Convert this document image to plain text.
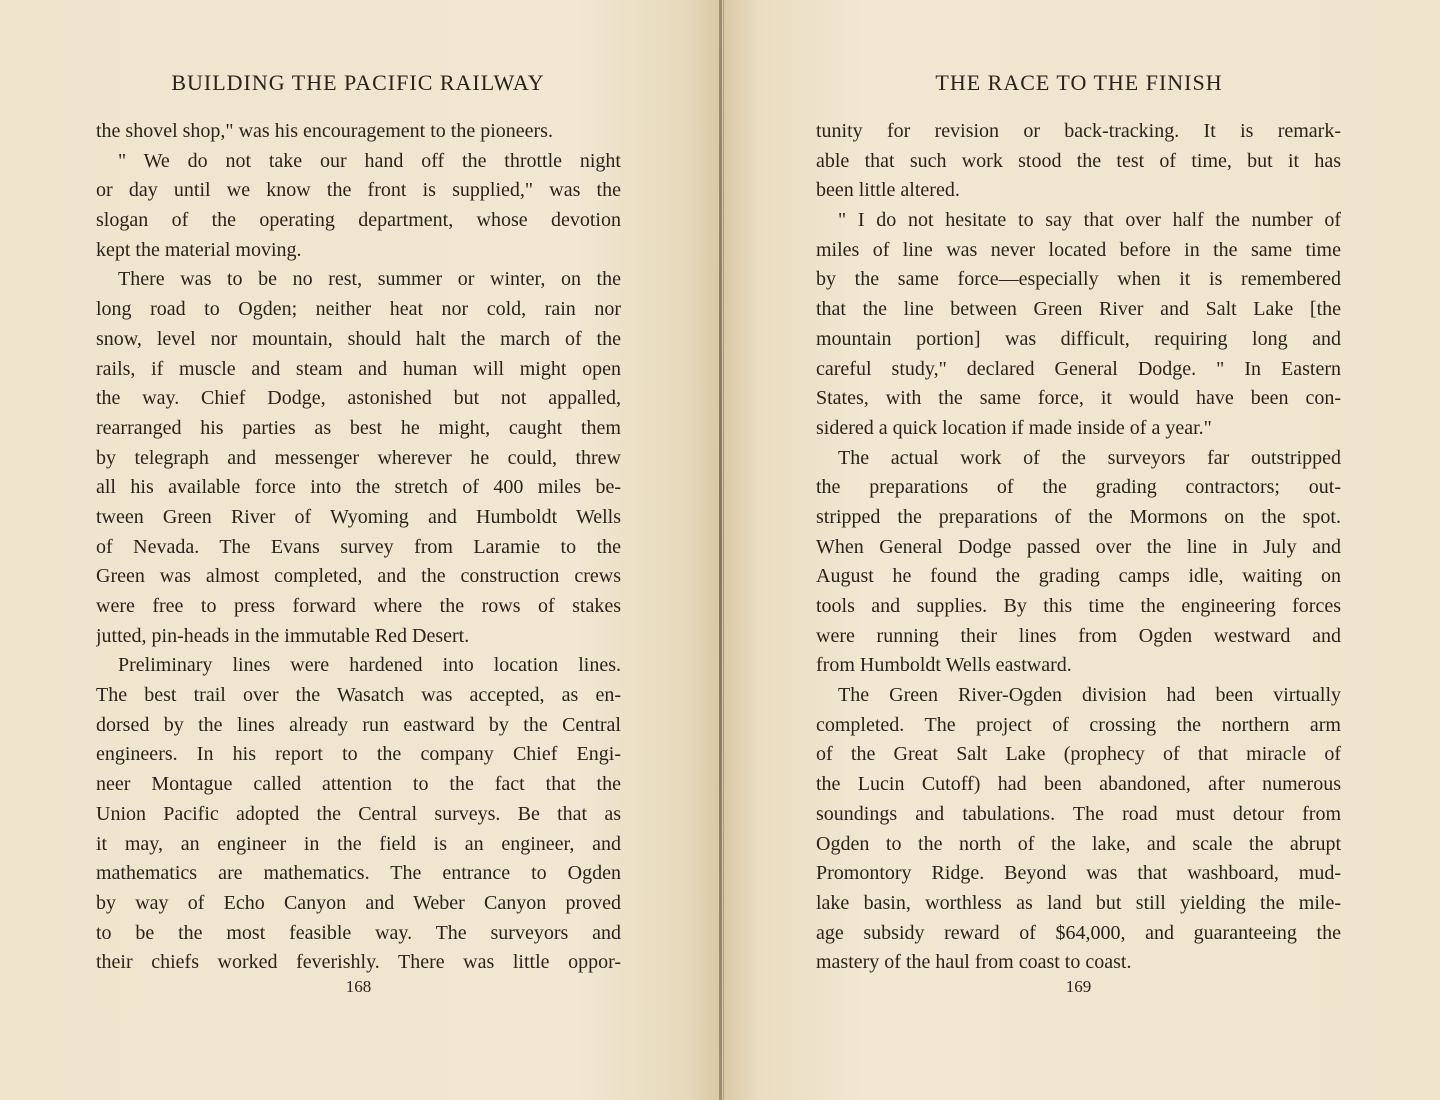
BUILDING THE PACIFIC RAILWAY
the shovel shop," was his encouragement to the pioneers.
" We do not take our hand off the throttle night
or day until we know the front is supplied," was the
slogan of the operating department, whose devotion
kept the material moving.
There was to be no rest, summer or winter, on the
long road to Ogden; neither heat nor cold, rain nor
snow, level nor mountain, should halt the march of the
rails, if muscle and steam and human will might open
the way. Chief Dodge, astonished but not appalled,
rearranged his parties as best he might, caught them
by telegraph and messenger wherever he could, threw
all his available force into the stretch of 400 miles be-
tween Green River of Wyoming and Humboldt Wells
of Nevada. The Evans survey from Laramie to the
Green was almost completed, and the construction crews
were free to press forward where the rows of stakes
jutted, pin-heads in the immutable Red Desert.
Preliminary lines were hardened into location lines.
The best trail over the Wasatch was accepted, as en-
dorsed by the lines already run eastward by the Central
engineers. In his report to the company Chief Engi-
neer Montague called attention to the fact that the
Union Pacific adopted the Central surveys. Be that as
it may, an engineer in the field is an engineer, and
mathematics are mathematics. The entrance to Ogden
by way of Echo Canyon and Weber Canyon proved
to be the most feasible way. The surveyors and
their chiefs worked feverishly. There was little oppor-

168

THE RACE TO THE FINISH
tunity for revision or back-tracking. It is remark-
able that such work stood the test of time, but it has
been little altered.
" I do not hesitate to say that over half the number of
miles of line was never located before in the same time
by the same force—especially when it is remembered
that the line between Green River and Salt Lake [the
mountain portion] was difficult, requiring long and
careful study," declared General Dodge. " In Eastern
States, with the same force, it would have been con-
sidered a quick location if made inside of a year."
The actual work of the surveyors far outstripped
the preparations of the grading contractors; out-
stripped the preparations of the Mormons on the spot.
When General Dodge passed over the line in July and
August he found the grading camps idle, waiting on
tools and supplies. By this time the engineering forces
were running their lines from Ogden westward and
from Humboldt Wells eastward.
The Green River-Ogden division had been virtually
completed. The project of crossing the northern arm
of the Great Salt Lake (prophecy of that miracle of
the Lucin Cutoff) had been abandoned, after numerous
soundings and tabulations. The road must detour from
Ogden to the north of the lake, and scale the abrupt
Promontory Ridge. Beyond was that washboard, mud-
lake basin, worthless as land but still yielding the mile-
age subsidy reward of $64,000, and guaranteeing the
mastery of the haul from coast to coast.

169
